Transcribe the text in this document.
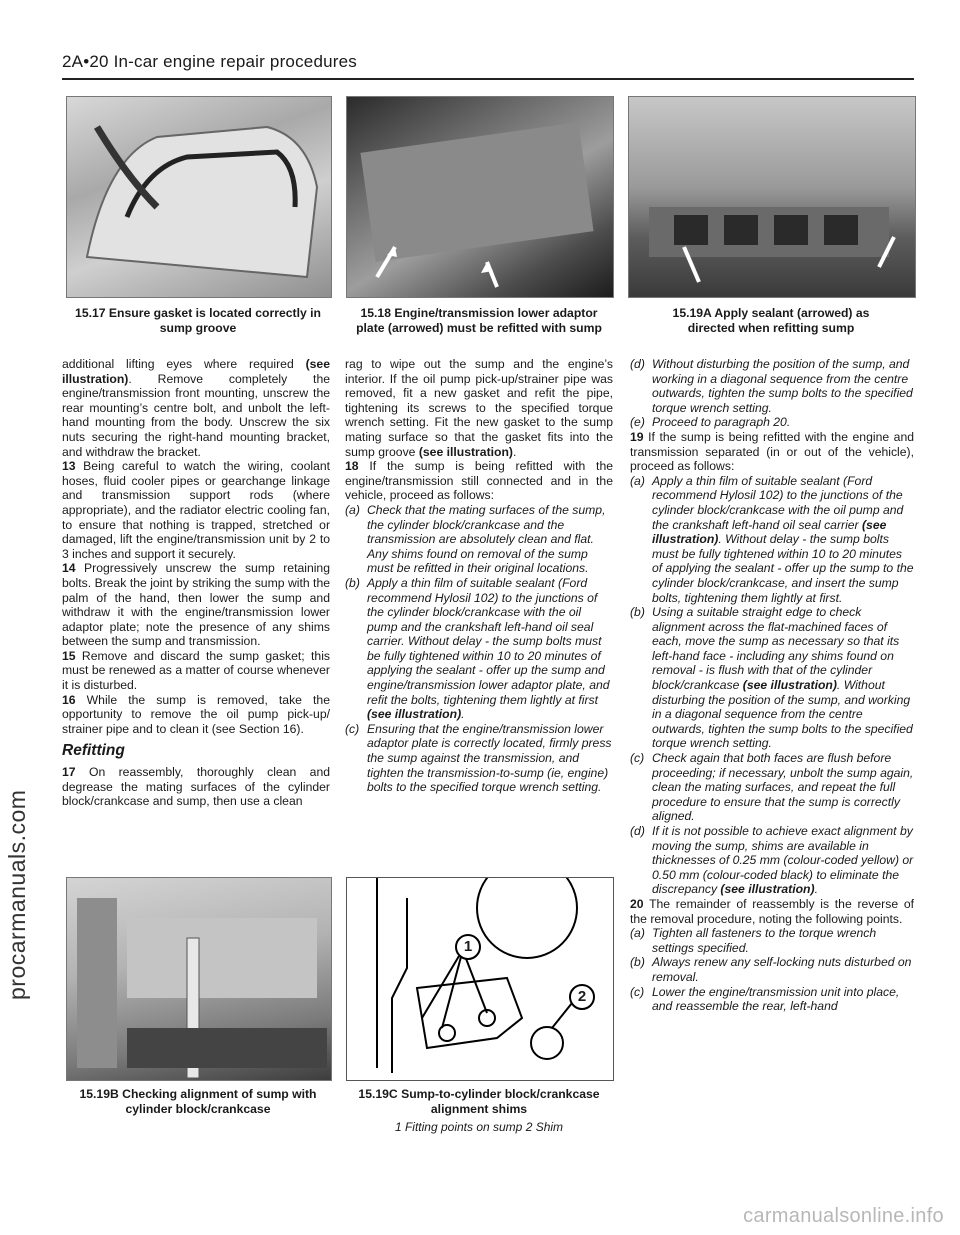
2A•20 In-car engine repair procedures
1
2
15.17 Ensure gasket is located correctly in
sump groove
15.18 Engine/transmission lower adaptor
plate (arrowed) must be refitted with sump
15.19A Apply sealant (arrowed) as
directed when refitting sump
15.19B Checking alignment of sump with
cylinder block/crankcase
15.19C Sump-to-cylinder block/crankcase
alignment shims
1 Fitting points on sump 2 Shim

additional lifting eyes where required (see illustration). Remove completely the engine/transmission front mounting, unscrew the rear mounting’s centre bolt, and unbolt the left-hand mounting from the body. Unscrew the six nuts securing the right-hand mounting bracket, and withdraw the bracket.

13 Being careful to watch the wiring, coolant hoses, fluid cooler pipes or gearchange linkage and transmission support rods (where appropriate), and the radiator electric cooling fan, to ensure that nothing is trapped, stretched or damaged, lift the engine/transmission unit by 2 to 3 inches and support it securely.

14 Progressively unscrew the sump retaining bolts. Break the joint by striking the sump with the palm of the hand, then lower the sump and withdraw it with the engine/transmission lower adaptor plate; note the presence of any shims between the sump and transmission.

15 Remove and discard the sump gasket; this must be renewed as a matter of course whenever it is disturbed.

16 While the sump is removed, take the opportunity to remove the oil pump pick-up/ strainer pipe and to clean it (see Section 16).

Refitting

17 On reassembly, thoroughly clean and degrease the mating surfaces of the cylinder block/crankcase and sump, then use a clean

rag to wipe out the sump and the engine’s interior. If the oil pump pick-up/strainer pipe was removed, fit a new gasket and refit the pipe, tightening its screws to the specified torque wrench setting. Fit the new gasket to the sump mating surface so that the gasket fits into the sump groove (see illustration).

18 If the sump is being refitted with the engine/transmission still connected and in the vehicle, proceed as follows:

(a) Check that the mating surfaces of the sump, the cylinder block/crankcase and the transmission are absolutely clean and flat. Any shims found on removal of the sump must be refitted in their original locations.
(b) Apply a thin film of suitable sealant (Ford recommend Hylosil 102) to the junctions of the cylinder block/crankcase with the oil pump and the crankshaft left-hand oil seal carrier. Without delay - the sump bolts must be fully tightened within 10 to 20 minutes of applying the sealant - offer up the sump and engine/transmission lower adaptor plate, and refit the bolts, tightening them lightly at first (see illustration).
(c) Ensuring that the engine/transmission lower adaptor plate is correctly located, firmly press the sump against the transmission, and tighten the transmission-to-sump (ie, engine) bolts to the specified torque wrench setting.
(d) Without disturbing the position of the sump, and working in a diagonal sequence from the centre outwards, tighten the sump bolts to the specified torque wrench setting.
(e) Proceed to paragraph 20.

19 If the sump is being refitted with the engine and transmission separated (in or out of the vehicle), proceed as follows:

(a) Apply a thin film of suitable sealant (Ford recommend Hylosil 102) to the junctions of the cylinder block/crankcase with the oil pump and the crankshaft left-hand oil seal carrier (see illustration). Without delay - the sump bolts must be fully tightened within 10 to 20 minutes of applying the sealant - offer up the sump to the cylinder block/crankcase, and insert the sump bolts, tightening them lightly at first.
(b) Using a suitable straight edge to check alignment across the flat-machined faces of each, move the sump as necessary so that its left-hand face - including any shims found on removal - is flush with that of the cylinder block/crankcase (see illustration). Without disturbing the position of the sump, and working in a diagonal sequence from the centre outwards, tighten the sump bolts to the specified torque wrench setting.
(c) Check again that both faces are flush before proceeding; if necessary, unbolt the sump again, clean the mating surfaces, and repeat the full procedure to ensure that the sump is correctly aligned.
(d) If it is not possible to achieve exact alignment by moving the sump, shims are available in thicknesses of 0.25 mm (colour-coded yellow) or 0.50 mm (colour-coded black) to eliminate the discrepancy (see illustration).

20 The remainder of reassembly is the reverse of the removal procedure, noting the following points.

(a) Tighten all fasteners to the torque wrench settings specified.
(b) Always renew any self-locking nuts disturbed on removal.
(c) Lower the engine/transmission unit into place, and reassemble the rear, left-hand
procarmanuals.com
carmanualsonline.info
